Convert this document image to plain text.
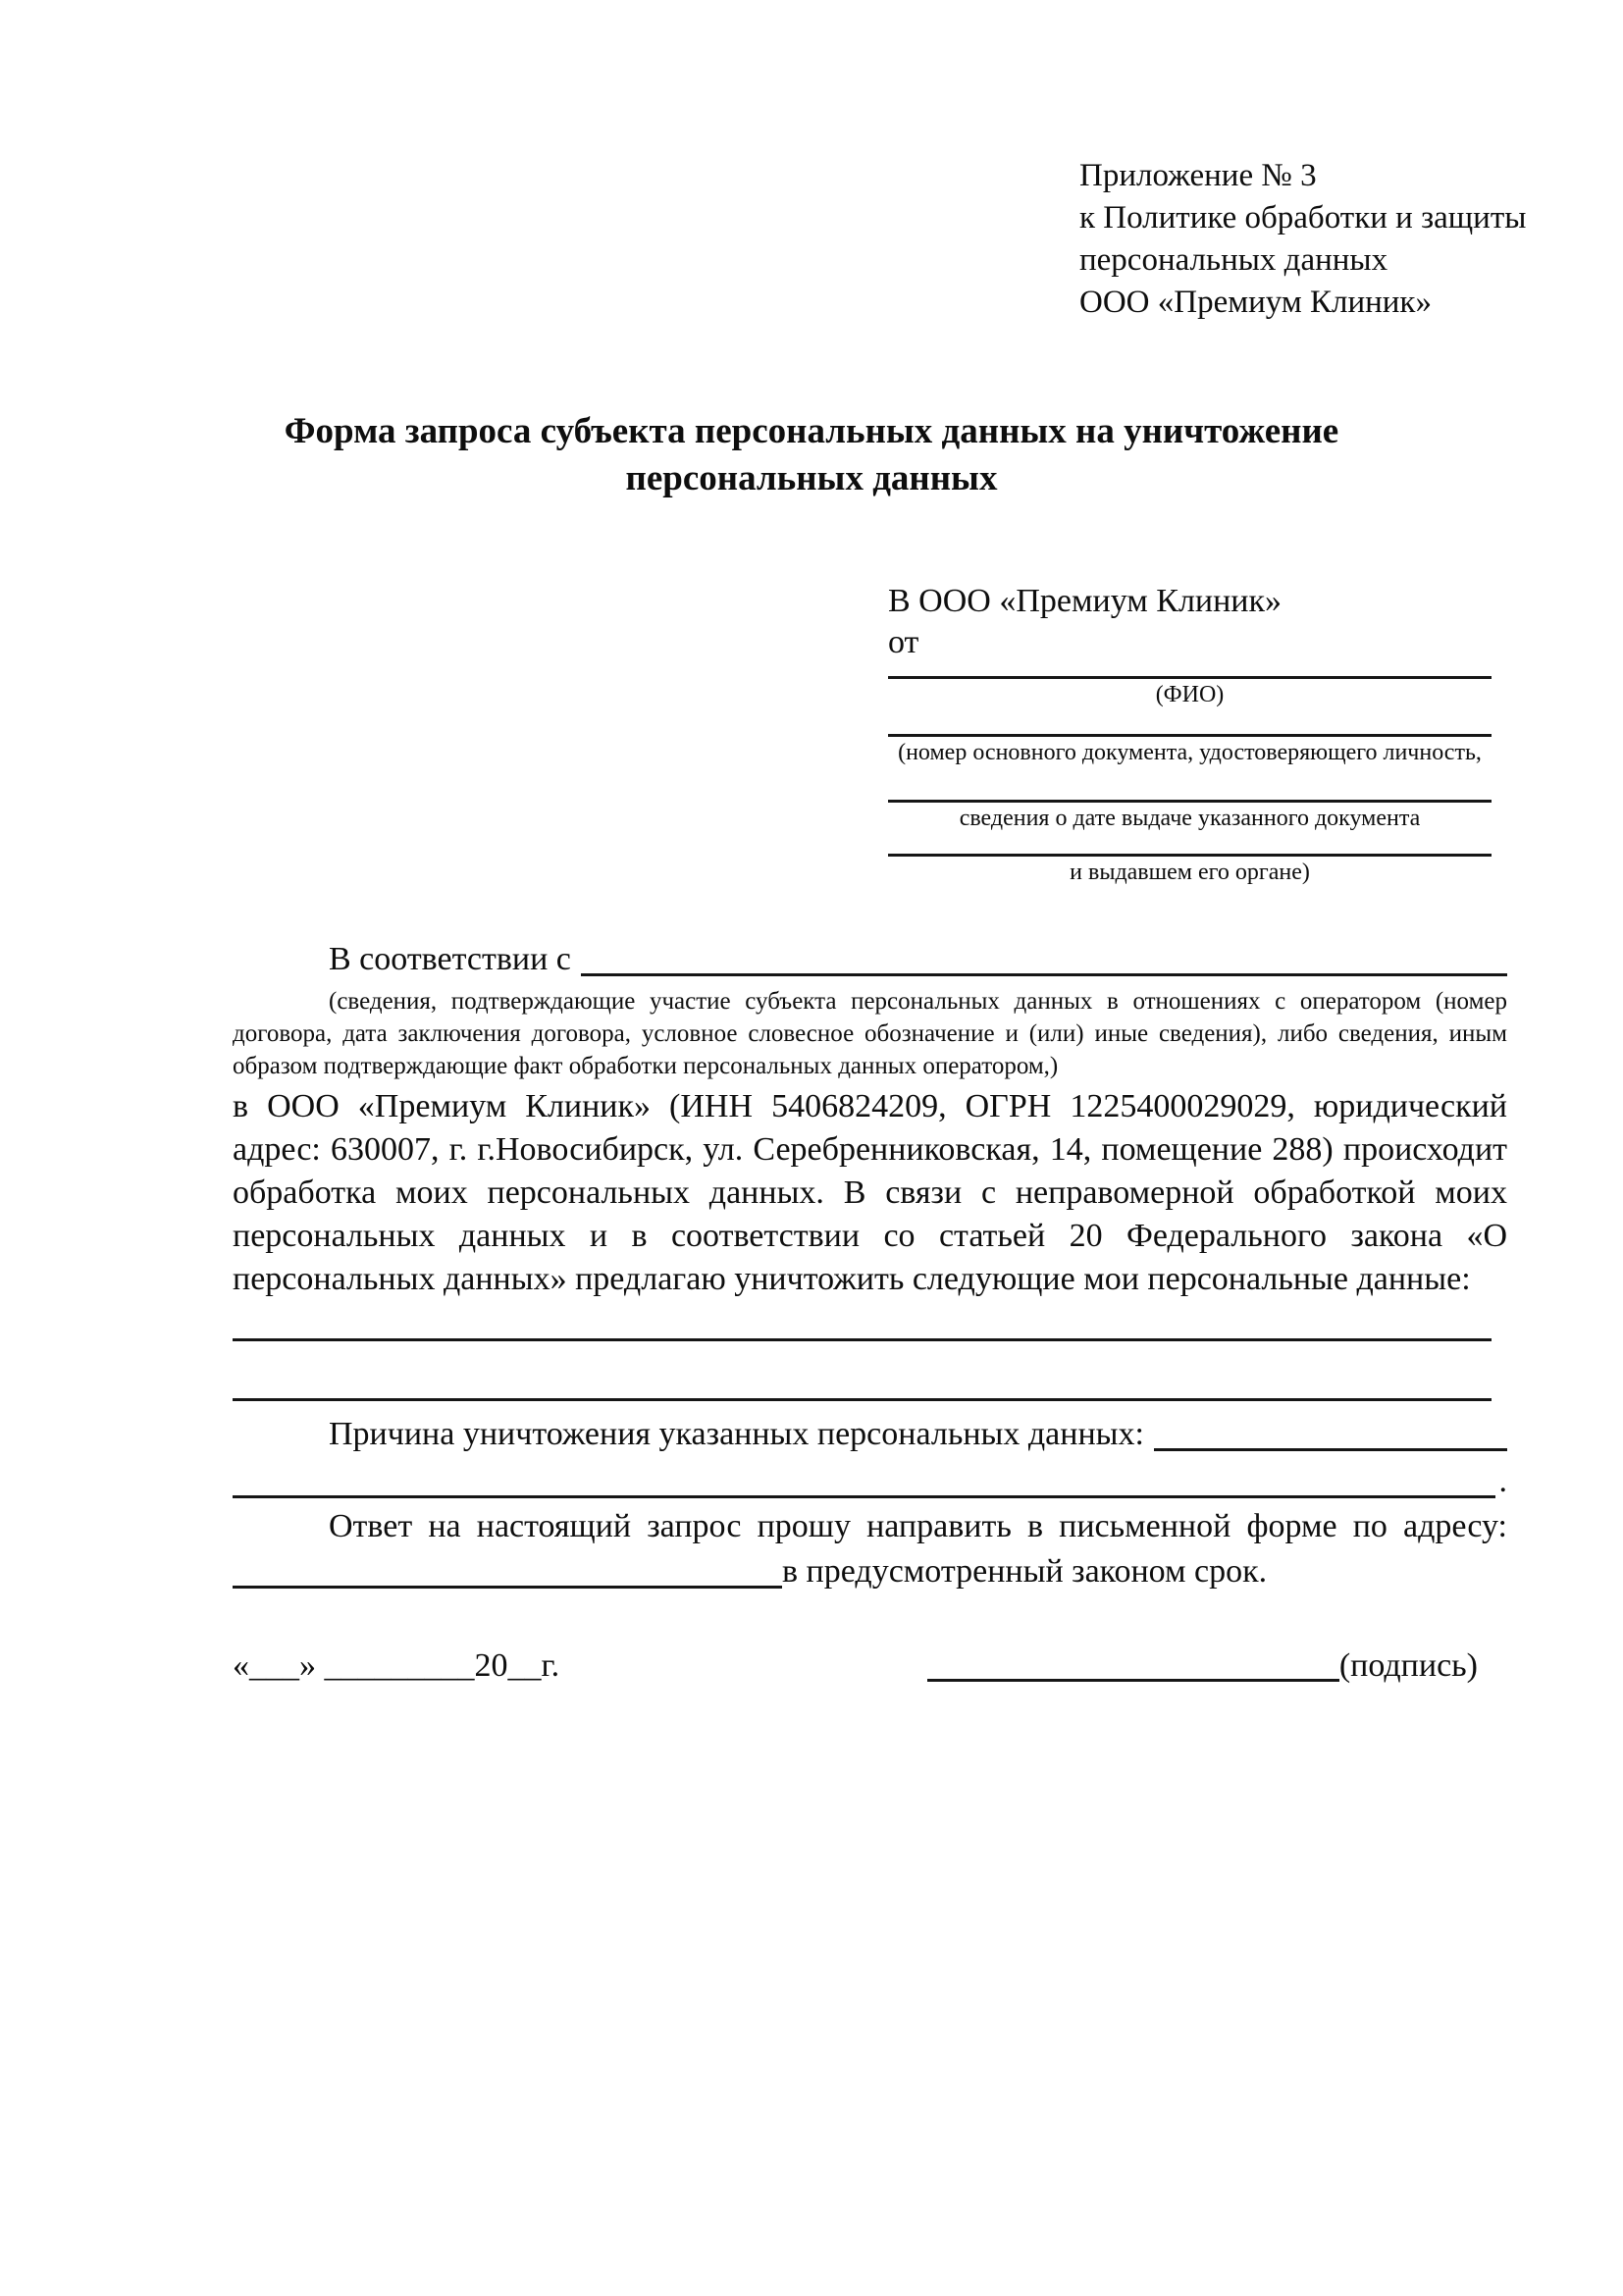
Приложение № 3
к Политике обработки и защиты
персональных данных
ООО «Премиум Клиник»
Форма запроса субъекта персональных данных на уничтожение персональных данных
В ООО «Премиум Клиник»
от
(ФИО)
(номер основного документа, удостоверяющего личность,
сведения о дате выдаче указанного документа
и выдавшем его органе)
В соответствии с
(сведения, подтверждающие участие субъекта персональных данных в отношениях с оператором (номер договора, дата заключения договора, условное словесное обозначение и (или) иные сведения), либо сведения, иным образом подтверждающие факт обработки персональных данных оператором,)
в ООО «Премиум Клиник» (ИНН 5406824209, ОГРН 1225400029029, юридический адрес: 630007, г. г.Новосибирск, ул. Серебренниковская, 14, помещение 288) происходит обработка моих персональных данных. В связи с неправомерной обработкой моих персональных данных и в соответствии со статьей 20 Федерального закона «О персональных данных» предлагаю уничтожить следующие мои персональные данные:
Причина уничтожения указанных персональных данных:
.
Ответ на настоящий запрос прошу направить в письменной форме по адресу:
в предусмотренный законом срок.
«___» _________20__г.	(подпись)
